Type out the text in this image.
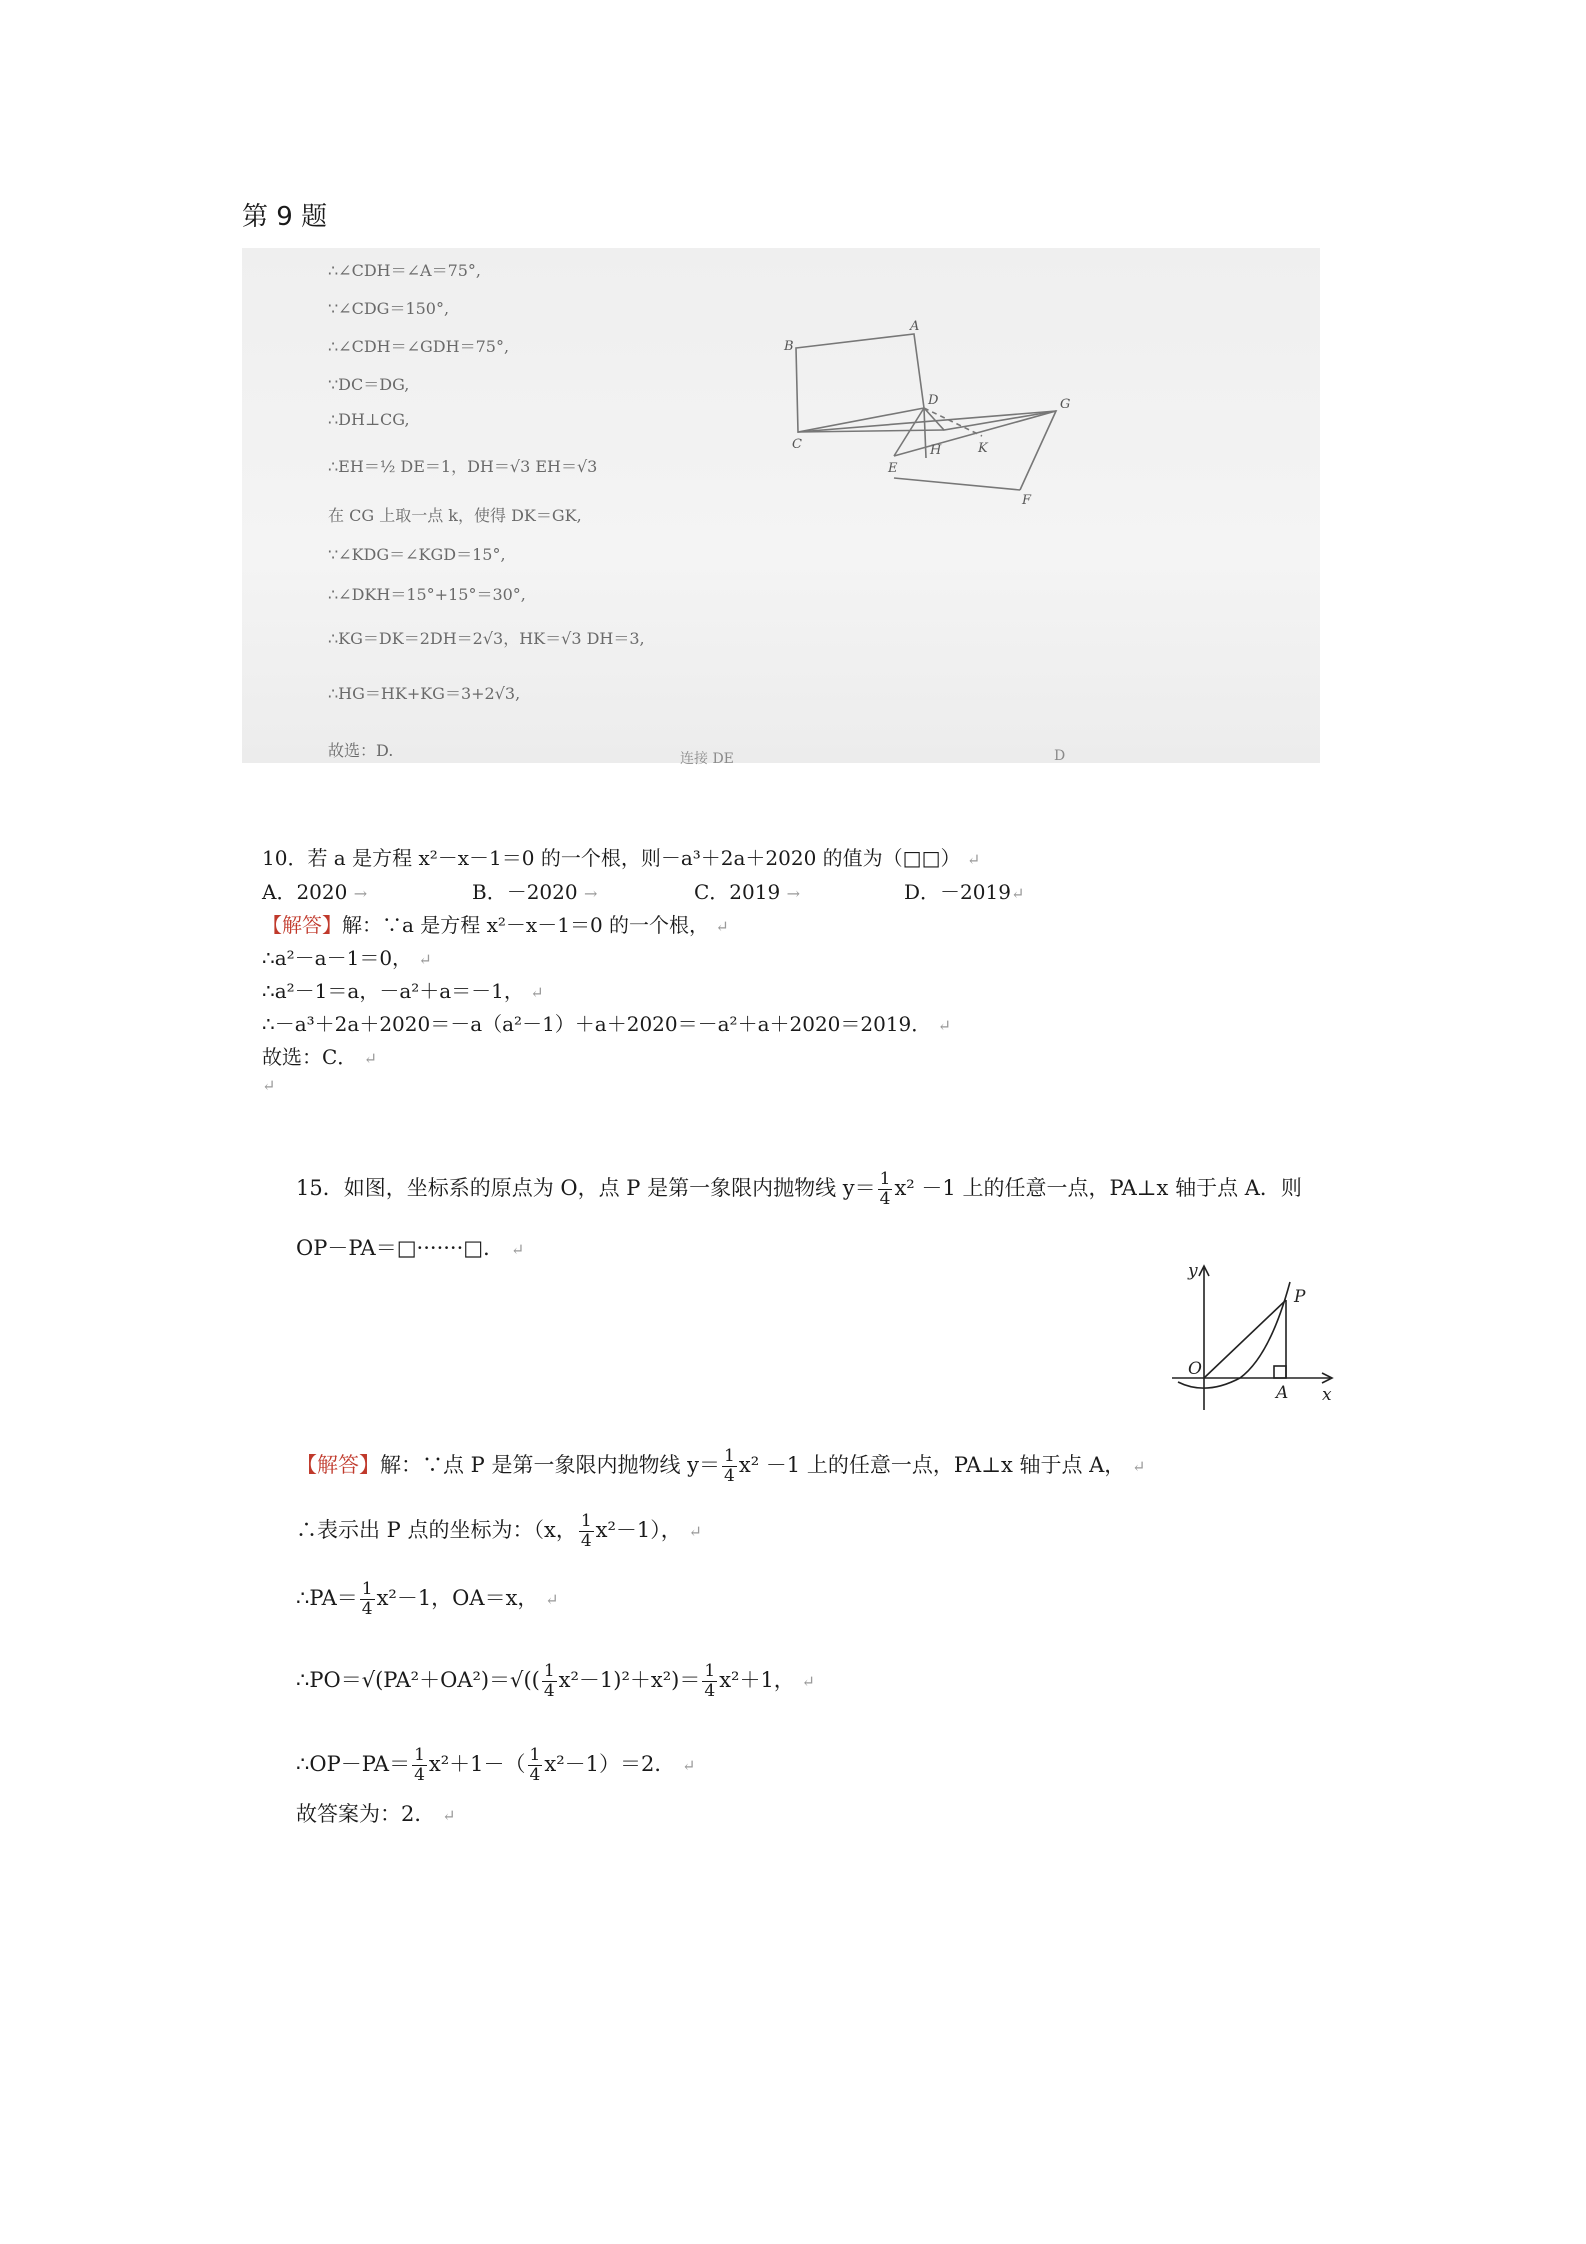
第 9 题
∴∠CDH＝∠A＝75°,
∵∠CDG＝150°,
∴∠CDH＝∠GDH＝75°,
∵DC＝DG,
∴DH⊥CG,
∴EH＝½ DE＝1，DH＝√3 EH＝√3
在 CG 上取一点 k，使得 DK＝GK,
∵∠KDG＝∠KGD＝15°,
∴∠DKH＝15°+15°＝30°,
∴KG＝DK＝2DH＝2√3，HK＝√3 DH＝3,
∴HG＝HK+KG＝3+2√3,
故选：D.	连接 DE	D
A
B
C
D
E
F
G
H	K
10．若 a 是方程 x²－x－1＝0 的一个根，则－a³＋2a＋2020 的值为（□□） ↵
A．2020 →	B．－2020 →	C．2019 →	D．－2019↵
【解答】解：∵a 是方程 x²－x－1＝0 的一个根， ↵
∴a²－a－1＝0， ↵
∴a²－1＝a，－a²＋a＝－1， ↵
∴－a³＋2a＋2020＝－a（a²－1）＋a＋2020＝－a²＋a＋2020＝2019． ↵
故选：C． ↵
↵
15．如图，坐标系的原点为 O，点 P 是第一象限内抛物线 $y= \frac{1}{4} x^2 -1$ 上的任意一点，PA⊥x 轴于点 A．则
OP－PA＝□·······□． ↵
y
O
P
A x
【解答】解：∵点 P 是第一象限内抛物线 $y= \frac{1}{4} x^2 -1$ 上的任意一点，PA⊥x 轴于点 A， ↵
∴表示出 P 点的坐标为：（x， $\frac{1}{4} x^2-1$）， ↵
∴PA＝ $\frac{1}{4} x^2-1$，OA＝x， ↵
∴PO＝√(PA²＋OA²)＝√(( $\frac{1}{4} x^2-1)^2+x^2)= \frac{1}{4} x^2+1$， ↵
∴OP－PA＝ $\frac{1}{4} x^2+1-( \frac{1}{4} x^2-1)=2$． ↵
故答案为：2． ↵
